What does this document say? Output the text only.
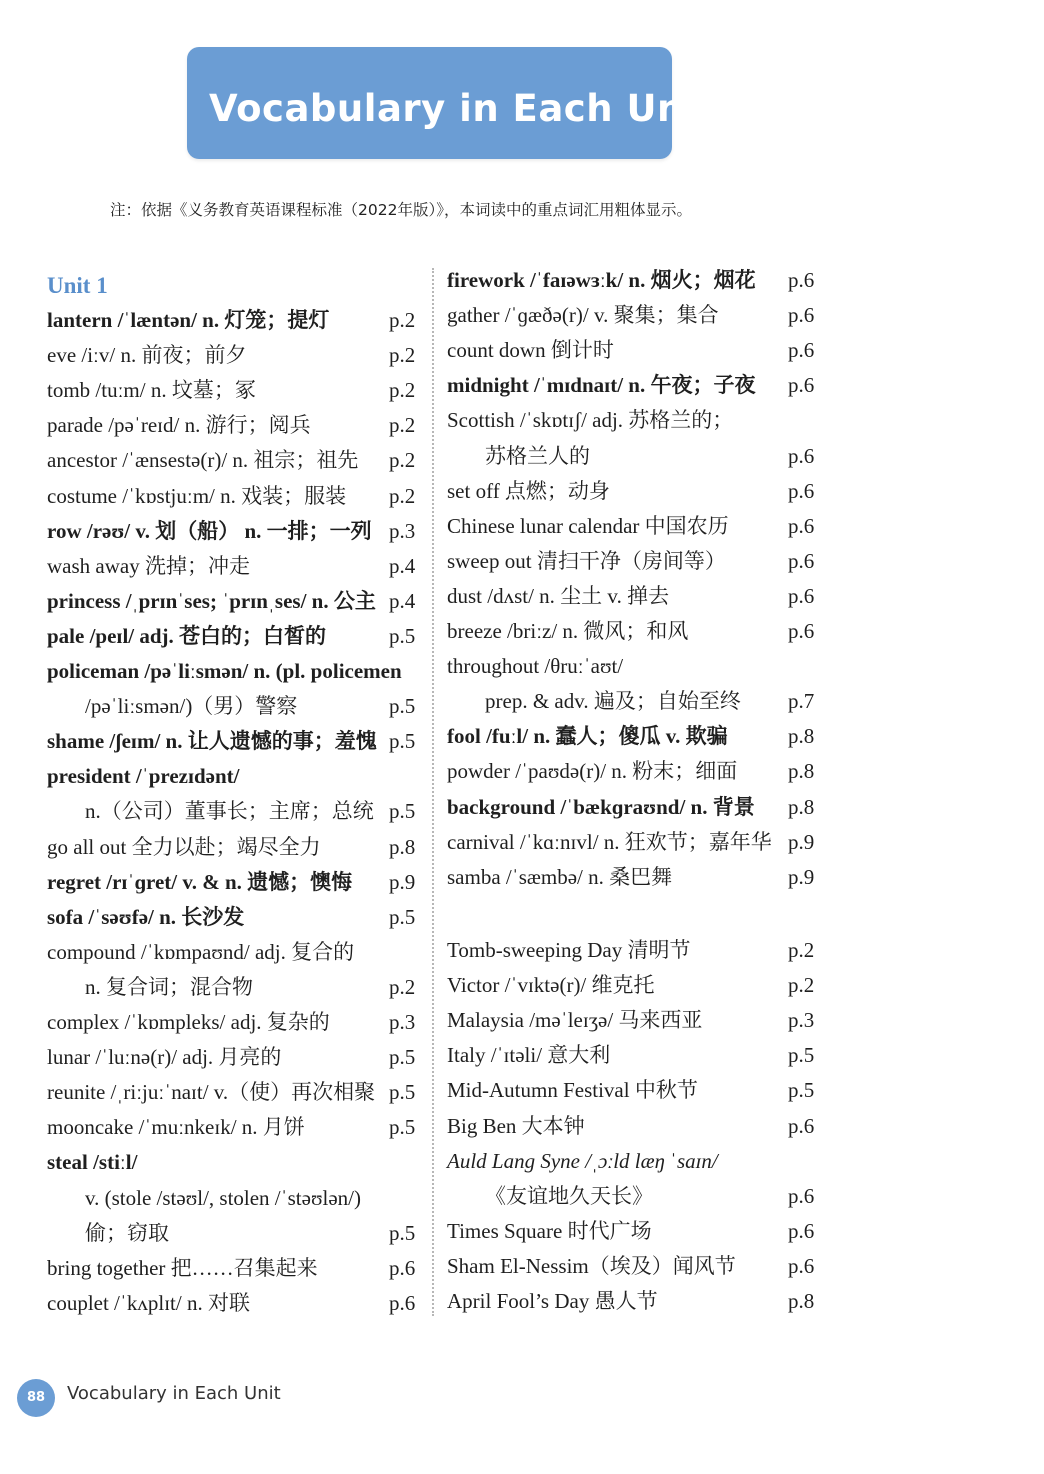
Vocabulary in Each Unit
注：依据《义务教育英语课程标准（2022年版）》，本词读中的重点词汇用粗体显示。
Unit 1
lantern /ˈlæntən/ n. 灯笼；提灯	p.2
eve /iːv/ n. 前夜；前夕	p.2
tomb /tuːm/ n. 坟墓；冢	p.2
parade /pəˈreɪd/ n. 游行；阅兵	p.2
ancestor /ˈænsestə(r)/ n. 祖宗；祖先 p.2
costume /ˈkɒstjuːm/ n. 戏装；服装 p.2
row /rəʊ/ v. 划（船） n. 一排；一列 p.3
wash away 洗掉；冲走	p.4
princess /ˌprɪnˈses; ˈprɪnˌses/ n. 公主 p.4
pale /peɪl/ adj. 苍白的；白皙的	p.5
policeman /pəˈliːsmən/ n. (pl. policemen
/pəˈliːsmən/)（男）警察	p.5
shame /ʃeɪm/ n. 让人遗憾的事；羞愧 p.5
president /ˈprezɪdənt/
n.（公司）董事长；主席；总统 p.5
go all out 全力以赴；竭尽全力	p.8
regret /rɪˈɡret/ v. & n. 遗憾；懊悔 p.9
sofa /ˈsəʊfə/ n. 长沙发	p.5
compound /ˈkɒmpaʊnd/ adj. 复合的
n. 复合词；混合物	p.2
complex /ˈkɒmpleks/ adj. 复杂的	p.3
lunar /ˈluːnə(r)/ adj. 月亮的	p.5
reunite /ˌriːjuːˈnaɪt/ v.（使）再次相聚 p.5
mooncake /ˈmuːnkeɪk/ n. 月饼	p.5
steal /stiːl/
v. (stole /stəʊl/, stolen /ˈstəʊlən/)
偷；窃取	p.5
bring together 把……召集起来	p.6
couplet /ˈkʌplɪt/ n. 对联	p.6
firework /ˈfaɪəwɜːk/ n. 烟火；烟花 p.6
gather /ˈɡæðə(r)/ v. 聚集；集合	p.6
count down 倒计时	p.6
midnight /ˈmɪdnaɪt/ n. 午夜；子夜 p.6
Scottish /ˈskɒtɪʃ/ adj. 苏格兰的；
苏格兰人的	p.6
set off 点燃；动身	p.6
Chinese lunar calendar 中国农历	p.6
sweep out 清扫干净（房间等）	p.6
dust /dʌst/ n. 尘土 v. 掸去	p.6
breeze /briːz/ n. 微风；和风	p.6
throughout /θruːˈaʊt/
prep. & adv. 遍及；自始至终 p.7
fool /fuːl/ n. 蠢人；傻瓜 v. 欺骗	p.8
powder /ˈpaʊdə(r)/ n. 粉末；细面 p.8
background /ˈbækɡraʊnd/ n. 背景 p.8
carnival /ˈkɑːnɪvl/ n. 狂欢节；嘉年华 p.9
samba /ˈsæmbə/ n. 桑巴舞	p.9
Tomb-sweeping Day 清明节	p.2
Victor /ˈvɪktə(r)/ 维克托	p.2
Malaysia /məˈleɪʒə/ 马来西亚	p.3
Italy /ˈɪtəli/ 意大利	p.5
Mid-Autumn Festival 中秋节	p.5
Big Ben 大本钟	p.6
Auld Lang Syne /ˌɔːld læŋ ˈsaɪn/
《友谊地久天长》	p.6
Times Square 时代广场	p.6
Sham El-Nessim（埃及）闻风节 p.6
April Fool’s Day 愚人节	p.8
88	Vocabulary in Each Unit
